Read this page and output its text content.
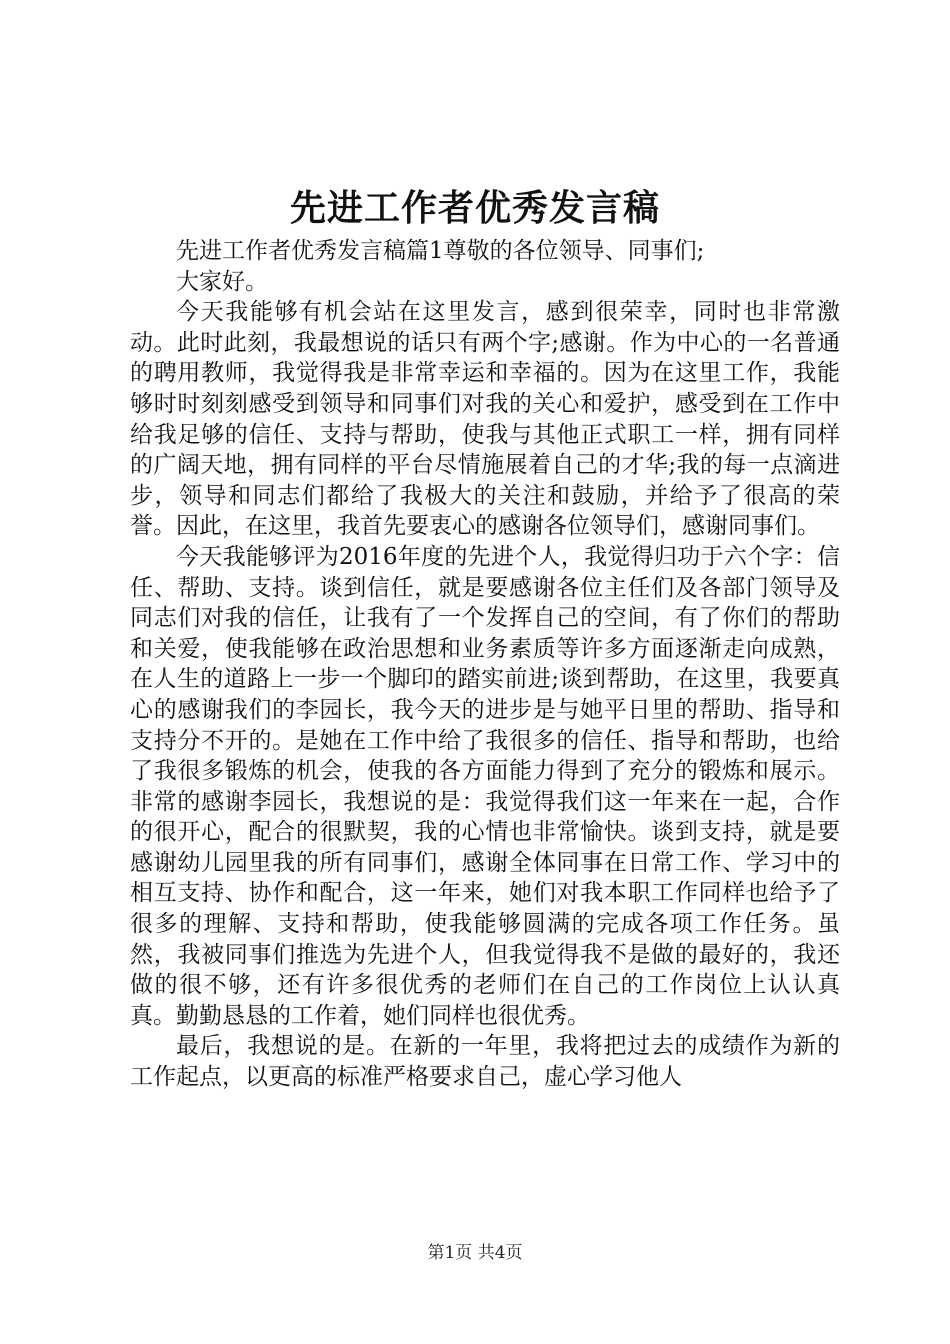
先进工作者优秀发言稿

先进工作者优秀发言稿篇1尊敬的各位领导、同事们;

大家好。

今天我能够有机会站在这里发言，感到很荣幸，同时也非常激动。此时此刻，我最想说的话只有两个字;感谢。作为中心的一名普通的聘用教师，我觉得我是非常幸运和幸福的。因为在这里工作，我能够时时刻刻感受到领导和同事们对我的关心和爱护，感受到在工作中给我足够的信任、支持与帮助，使我与其他正式职工一样，拥有同样的广阔天地，拥有同样的平台尽情施展着自己的才华;我的每一点滴进步，领导和同志们都给了我极大的关注和鼓励，并给予了很高的荣誉。因此，在这里，我首先要衷心的感谢各位领导们，感谢同事们。

今天我能够评为2016年度的先进个人，我觉得归功于六个字：信任、帮助、支持。谈到信任，就是要感谢各位主任们及各部门领导及同志们对我的信任，让我有了一个发挥自己的空间，有了你们的帮助和关爱，使我能够在政治思想和业务素质等许多方面逐渐走向成熟，在人生的道路上一步一个脚印的踏实前进;谈到帮助，在这里，我要真心的感谢我们的李园长，我今天的进步是与她平日里的帮助、指导和支持分不开的。是她在工作中给了我很多的信任、指导和帮助，也给了我很多锻炼的机会，使我的各方面能力得到了充分的锻炼和展示。非常的感谢李园长，我想说的是：我觉得我们这一年来在一起，合作的很开心，配合的很默契，我的心情也非常愉快。谈到支持，就是要感谢幼儿园里我的所有同事们，感谢全体同事在日常工作、学习中的相互支持、协作和配合，这一年来，她们对我本职工作同样也给予了很多的理解、支持和帮助，使我能够圆满的完成各项工作任务。虽然，我被同事们推选为先进个人，但我觉得我不是做的最好的，我还做的很不够，还有许多很优秀的老师们在自己的工作岗位上认认真真。勤勤恳恳的工作着，她们同样也很优秀。

最后，我想说的是。在新的一年里，我将把过去的成绩作为新的工作起点，以更高的标准严格要求自己，虚心学习他人

第1页 共4页
